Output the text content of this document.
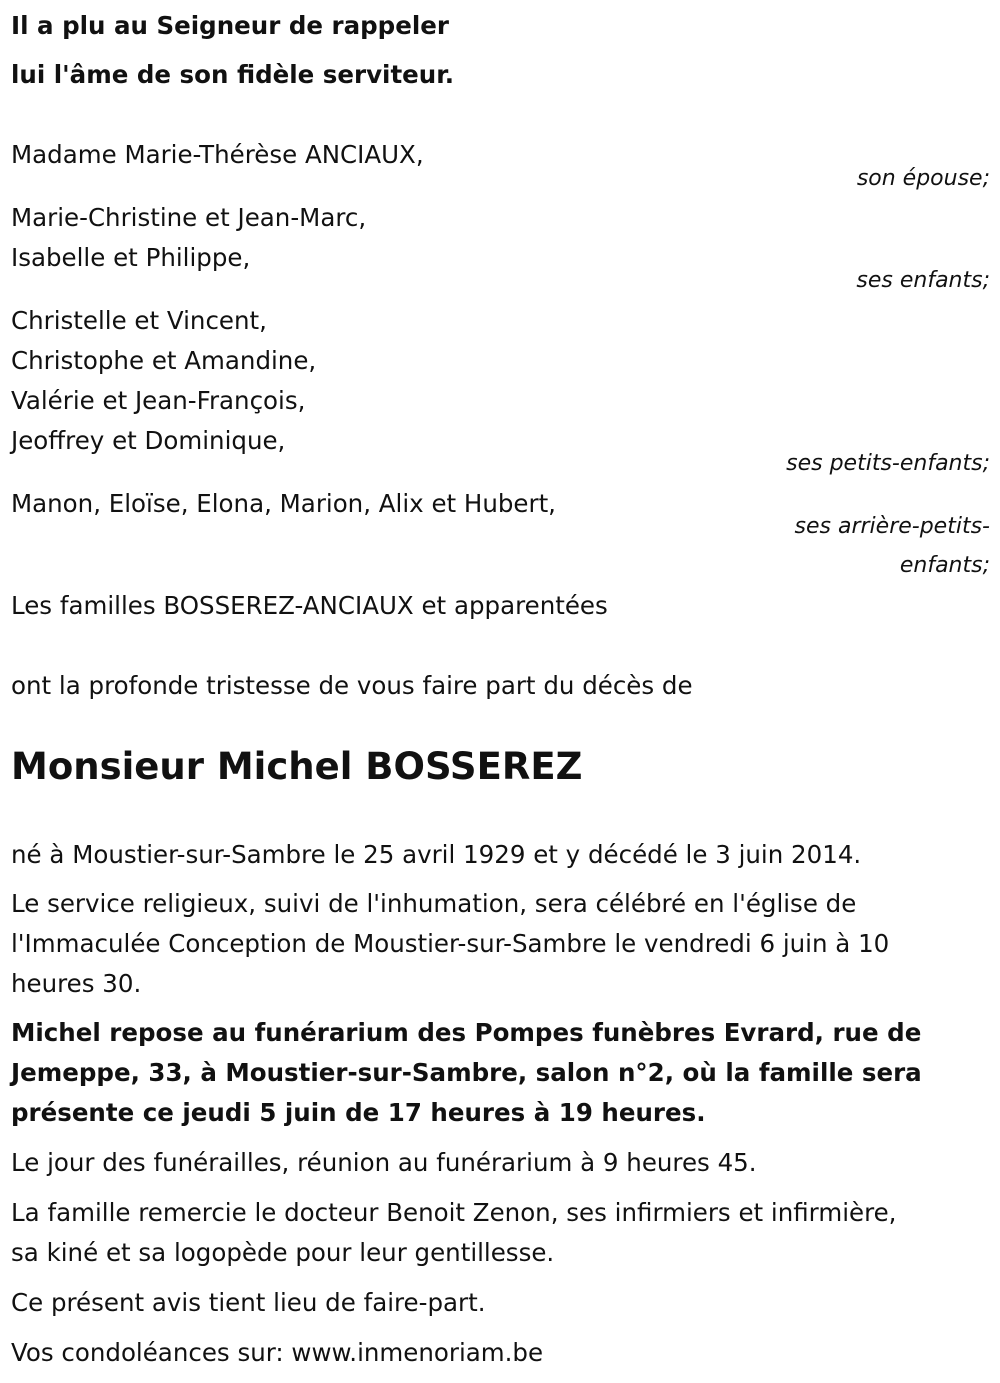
Il a plu au Seigneur de rappeler
lui l'âme de son fidèle serviteur.
Madame Marie-Thérèse ANCIAUX,
son épouse;
Marie-Christine et Jean-Marc,
Isabelle et Philippe,
ses enfants;
Christelle et Vincent,
Christophe et Amandine,
Valérie et Jean-François,
Jeoffrey et Dominique,
ses petits-enfants;
Manon, Eloïse, Elona, Marion, Alix et Hubert,
ses arrière-petits-
enfants;
Les familles BOSSEREZ-ANCIAUX et apparentées
ont la profonde tristesse de vous faire part du décès de
Monsieur Michel BOSSEREZ
né à Moustier-sur-Sambre le 25 avril 1929 et y décédé le 3 juin 2014.
Le service religieux, suivi de l'inhumation, sera célébré en l'église de
l'Immaculée Conception de Moustier-sur-Sambre le vendredi 6 juin à 10
heures 30.
Michel repose au funérarium des Pompes funèbres Evrard, rue de
Jemeppe, 33, à Moustier-sur-Sambre, salon n°2, où la famille sera
présente ce jeudi 5 juin de 17 heures à 19 heures.
Le jour des funérailles, réunion au funérarium à 9 heures 45.
La famille remercie le docteur Benoit Zenon, ses infirmiers et infirmière,
sa kiné et sa logopède pour leur gentillesse.
Ce présent avis tient lieu de faire-part.
Vos condoléances sur: www.inmenoriam.be
